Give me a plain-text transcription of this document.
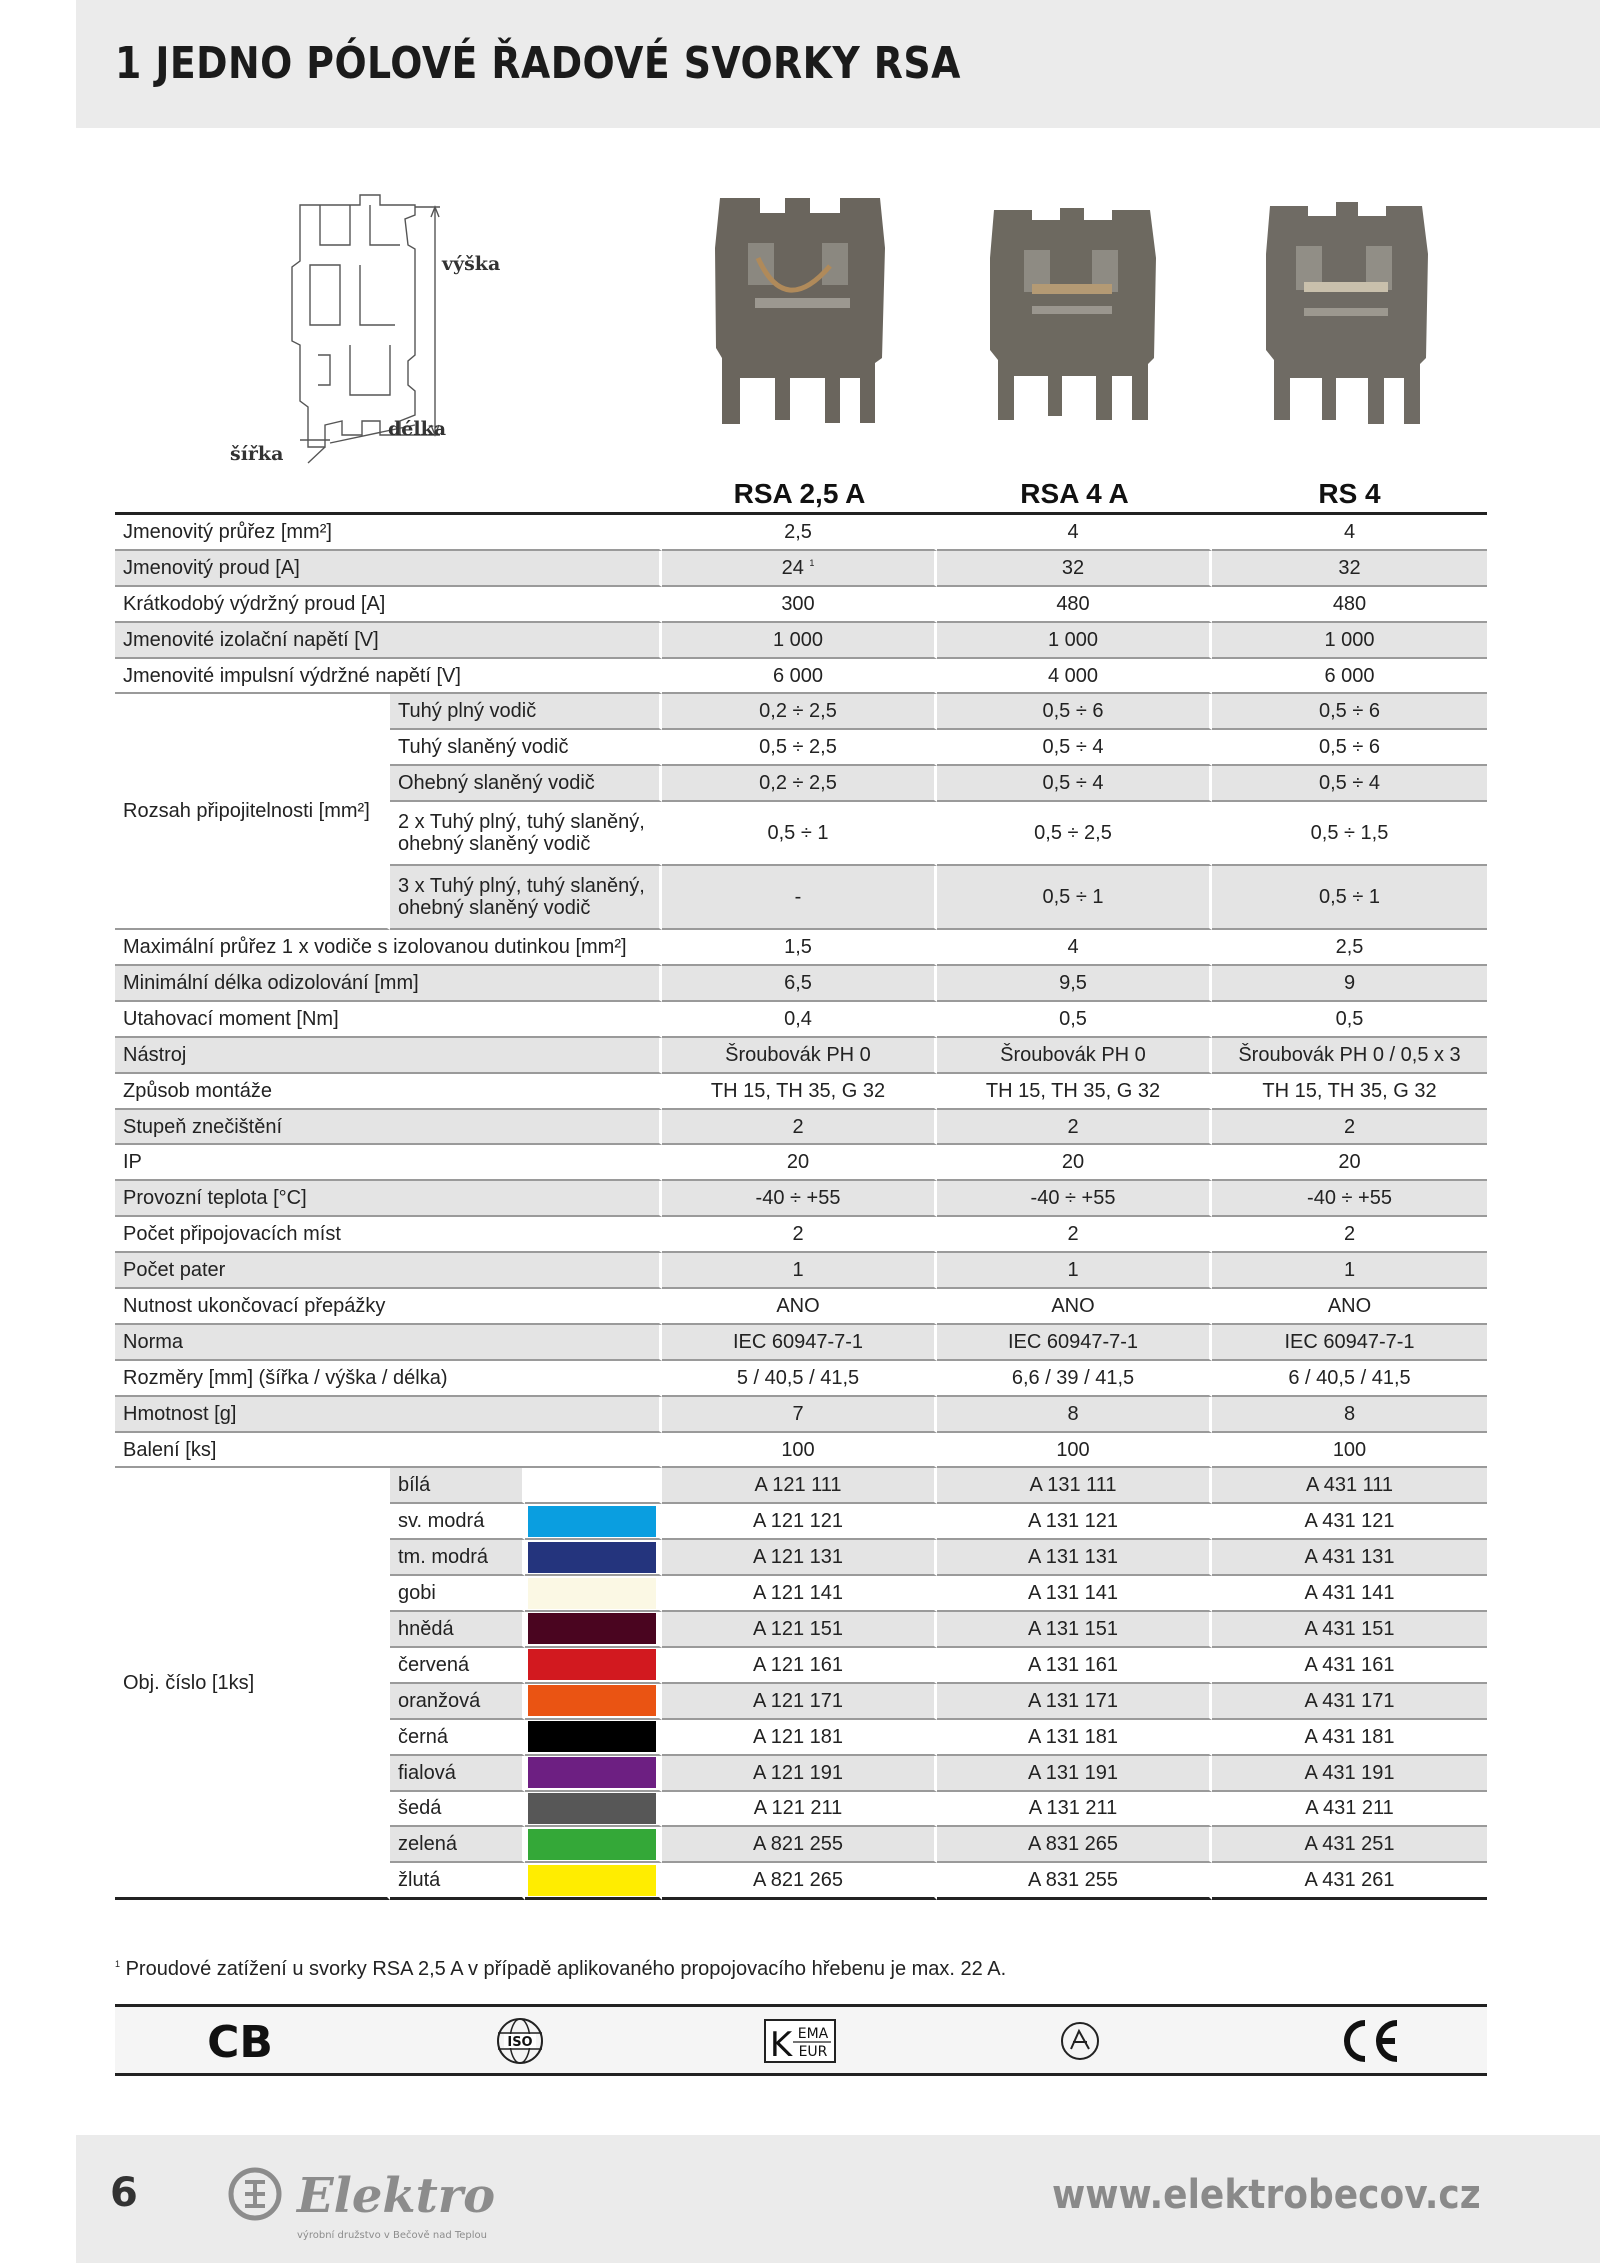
1 JEDNO PÓLOVÉ ŘADOVÉ SVORKY RSA
výška
šířka
délka
			RSA 2,5 A	RSA 4 A	RS 4
Jmenovitý průřez [mm²]			2,5	4	4
Jmenovitý proud [A]			24 $^1$	32	32
Krátkodobý výdržný proud [A]			300	480	480
Jmenovité izolační napětí [V]			1 000	1 000	1 000
Jmenovité impulsní výdržné napětí [V]			6 000	4 000	6 000
Rozsah připojitelnosti [mm²]	Tuhý plný vodič		0,2 ÷ 2,5	0,5 ÷ 6	0,5 ÷ 6
	Tuhý slaněný vodič		0,5 ÷ 2,5	0,5 ÷ 4	0,5 ÷ 6
	Ohebný slaněný vodič		0,2 ÷ 2,5	0,5 ÷ 4	0,5 ÷ 4
	2 x Tuhý plný, tuhý slaněný, ohebný slaněný vodič		0,5 ÷ 1	0,5 ÷ 2,5	0,5 ÷ 1,5
	3 x Tuhý plný, tuhý slaněný, ohebný slaněný vodič		-	0,5 ÷ 1	0,5 ÷ 1
Maximální průřez 1 x vodiče s izolovanou dutinkou [mm²]			1,5	4	2,5
Minimální délka odizolování [mm]			6,5	9,5	9
Utahovací moment [Nm]			0,4	0,5	0,5
Nástroj			Šroubovák PH 0	Šroubovák PH 0	Šroubovák PH 0 / 0,5 x 3
Způsob montáže			TH 15, TH 35, G 32	TH 15, TH 35, G 32	TH 15, TH 35, G 32
Stupeň znečištění			2	2	2
IP			20	20	20
Provozní teplota [°C]			-40 ÷ +55	-40 ÷ +55	-40 ÷ +55
Počet připojovacích míst			2	2	2
Počet pater			1	1	1
Nutnost ukončovací přepážky			ANO	ANO	ANO
Norma			IEC 60947-7-1	IEC 60947-7-1	IEC 60947-7-1
Rozměry [mm] (šířka / výška / délka)			5 / 40,5 / 41,5	6,6 / 39 / 41,5	6 / 40,5 / 41,5
Hmotnost [g]			7	8	8
Balení [ks]			100	100	100
Obj. číslo [1ks]	bílá		A 121 111	A 131 111	A 431 111
	sv. modrá		A 121 121	A 131 121	A 431 121
	tm. modrá		A 121 131	A 131 131	A 431 131
	gobi		A 121 141	A 131 141	A 431 141
	hnědá		A 121 151	A 131 151	A 431 151
	červená		A 121 161	A 131 161	A 431 161
	oranžová		A 121 171	A 131 171	A 431 171
	černá		A 121 181	A 131 181	A 431 181
	fialová		A 121 191	A 131 191	A 431 191
	šedá		A 121 211	A 131 211	A 431 211
	zelená		A 821 255	A 831 265	A 431 251
	žlutá		A 821 265	A 831 255	A 431 261
$^1$ Proudové zatížení u svorky RSA 2,5 A v případě aplikovaného propojovacího hřebenu je max. 22 A.
CB	ISO	K EMA
EUR
6	Elektro
výrobní družstvo v Bečově nad Teplou
www.elektrobecov.cz
